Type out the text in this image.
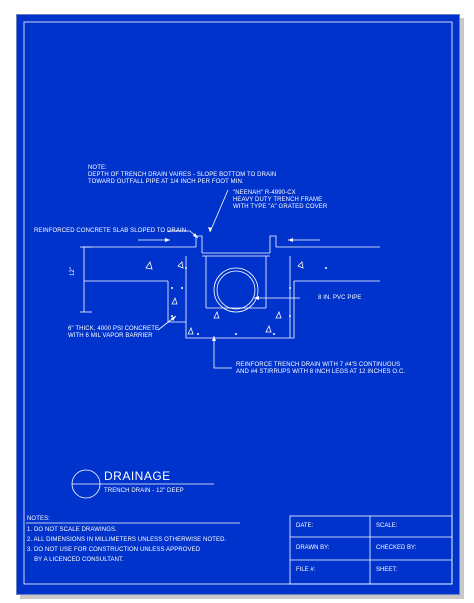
NOTE:
DEPTH OF TRENCH DRAIN VAIRES - SLOPE BOTTOM TO DRAIN
TOWARD OUTFALL PIPE AT 1/4 INCH PER FOOT MIN.
"NEENAH" R-4990-CX
HEAVY DUTY TRENCH FRAME
WITH TYPE "A" GRATED COVER
REINFORCED CONCRETE SLAB SLOPED TO DRAIN
12"
8 IN. PVC PIPE
6" THICK, 4000 PSI CONCRETE
WITH 6 MIL VAPOR BARRIER
REINFORCE TRENCH DRAIN WITH 7 #4'S CONTINUOUS
AND #4 STIRRUPS WITH 8 INCH LEGS AT 12 INCHES O.C.
DRAINAGE
TRENCH DRAIN - 12" DEEP
NOTES:
1. DO NOT SCALE DRAWINGS.
2. ALL DIMENSIONS IN MILLIMETERS UNLESS OTHERWISE NOTED.
3. DO NOT USE FOR CONSTRUCTION UNLESS APPROVED
BY A LICENCED CONSULTANT.
DATE:	SCALE:
DRAWN BY:	CHECKED BY:
FILE #:	SHEET:
